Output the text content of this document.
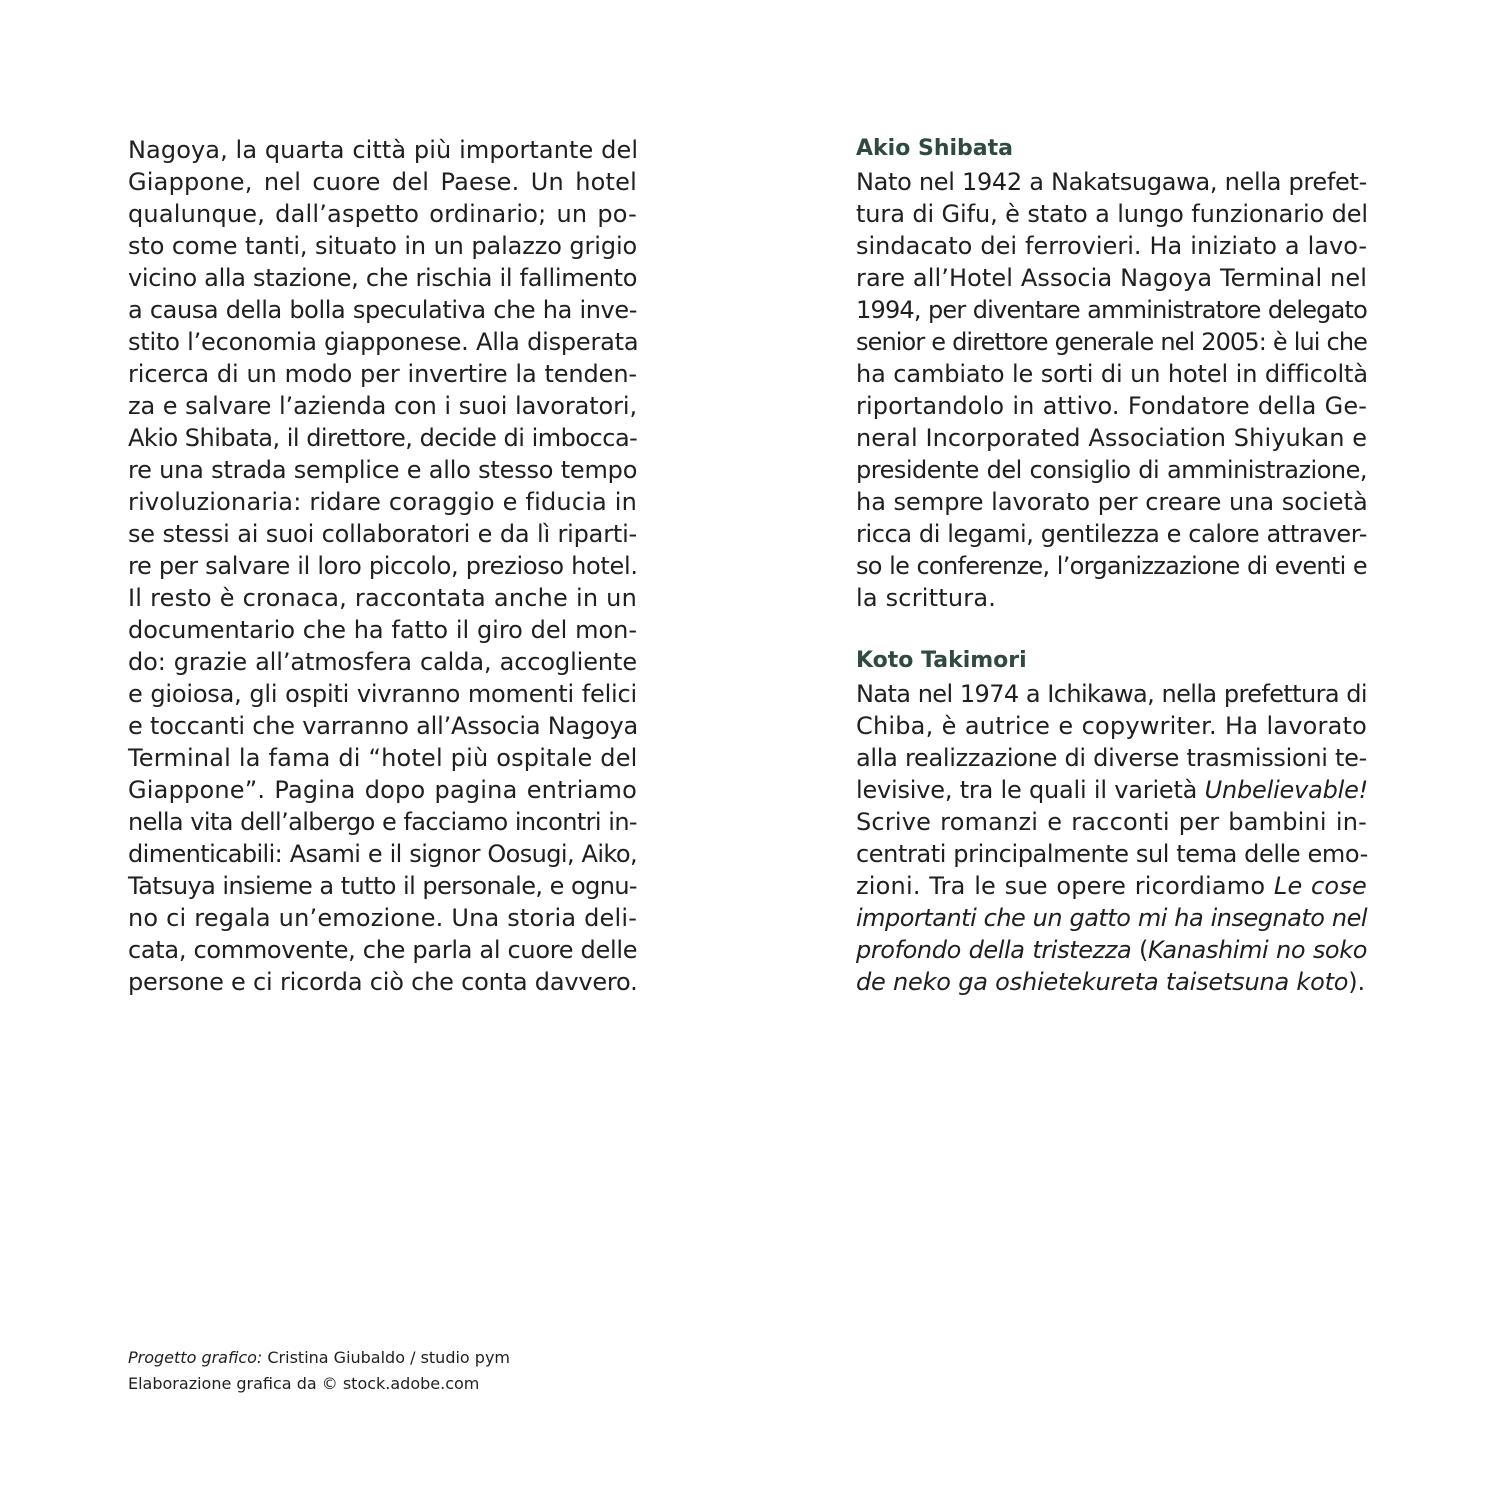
Nagoya, la quarta città più importante del
Giappone, nel cuore del Paese. Un hotel
qualunque, dall’aspetto ordinario; un po-
sto come tanti, situato in un palazzo grigio
vicino alla stazione, che rischia il fallimento
a causa della bolla speculativa che ha inve-
stito l’economia giapponese. Alla disperata
ricerca di un modo per invertire la tenden-
za e salvare l’azienda con i suoi lavoratori,
Akio Shibata, il direttore, decide di imbocca-
re una strada semplice e allo stesso tempo
rivoluzionaria: ridare coraggio e fiducia in
se stessi ai suoi collaboratori e da lì riparti-
re per salvare il loro piccolo, prezioso hotel.
Il resto è cronaca, raccontata anche in un
documentario che ha fatto il giro del mon-
do: grazie all’atmosfera calda, accogliente
e gioiosa, gli ospiti vivranno momenti felici
e toccanti che varranno all’Associa Nagoya
Terminal la fama di “hotel più ospitale del
Giappone”. Pagina dopo pagina entriamo
nella vita dell’albergo e facciamo incontri in-
dimenticabili: Asami e il signor Oosugi, Aiko,
Tatsuya insieme a tutto il personale, e ognu-
no ci regala un’emozione. Una storia deli-
cata, commovente, che parla al cuore delle
persone e ci ricorda ciò che conta davvero.
Akio Shibata
Nato nel 1942 a Nakatsugawa, nella prefet-
tura di Gifu, è stato a lungo funzionario del
sindacato dei ferrovieri. Ha iniziato a lavo-
rare all’Hotel Associa Nagoya Terminal nel
1994, per diventare amministratore delegato
senior e direttore generale nel 2005: è lui che
ha cambiato le sorti di un hotel in difficoltà
riportandolo in attivo. Fondatore della Ge-
neral Incorporated Association Shiyukan e
presidente del consiglio di amministrazione,
ha sempre lavorato per creare una società
ricca di legami, gentilezza e calore attraver-
so le conferenze, l’organizzazione di eventi e
la scrittura.
Koto Takimori
Nata nel 1974 a Ichikawa, nella prefettura di
Chiba, è autrice e copywriter. Ha lavorato
alla realizzazione di diverse trasmissioni te-
levisive, tra le quali il varietà Unbelievable!
Scrive romanzi e racconti per bambini in-
centrati principalmente sul tema delle emo-
zioni. Tra le sue opere ricordiamo Le cose
importanti che un gatto mi ha insegnato nel
profondo della tristezza (Kanashimi no soko
de neko ga oshietekureta taisetsuna koto).
Progetto grafico: Cristina Giubaldo / studio pym
Elaborazione grafica da © stock.adobe.com
